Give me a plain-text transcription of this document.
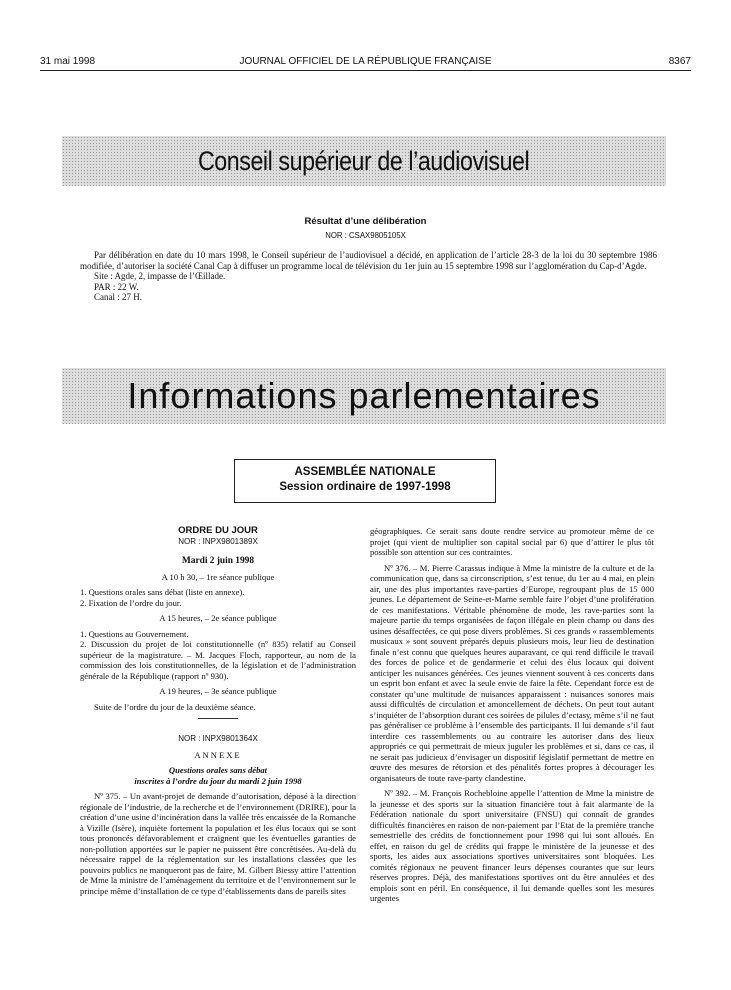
31 mai 1998	JOURNAL OFFICIEL DE LA RÉPUBLIQUE FRANÇAISE	8367
Conseil supérieur de l’audiovisuel
Résultat d’une délibération
NOR : CSAX9805105X

Par délibération en date du 10 mars 1998, le Conseil supérieur de l’audiovisuel a décidé, en application de l’article 28-3 de la loi du 30 septembre 1986 modifiée, d’autoriser la société Canal Cap à diffuser un programme local de télévision du 1er juin au 15 septembre 1998 sur l’agglomération du Cap-d’Agde.

Site : Agde, 2, impasse de l’Œillade.

PAR : 22 W.

Canal : 27 H.

Informations parlementaires
ASSEMBLÉE NATIONALE
Session ordinaire de 1997-1998

ORDRE DU JOUR

NOR : INPX9801389X

Mardi 2 juin 1998

A 10 h 30, – 1re séance publique

1. Questions orales sans débat (liste en annexe).

2. Fixation de l’ordre du jour.

A 15 heures, – 2e séance publique

1. Questions au Gouvernement.

2. Discussion du projet de loi constitutionnelle (nº 835) relatif au Conseil supérieur de la magistrature. – M. Jacques Floch, rapporteur, au nom de la commission des lois constitutionnelles, de la législation et de l’administration générale de la République (rapport nº 930).

A 19 heures, – 3e séance publique

Suite de l’ordre du jour de la deuxième séance.

NOR : INPX9801364X

ANNEXE

Questions orales sans débat

inscrites à l’ordre du jour du mardi 2 juin 1998

Nº 375. – Un avant-projet de demande d’autorisation, déposé à la direction régionale de l’industrie, de la recherche et de l’environnement (DRIRE), pour la création d’une usine d’incinération dans la vallée très encaissée de la Romanche à Vizille (Isère), inquiète fortement la population et les élus locaux qui se sont tous prononcés défavorablement et craignent que les éventuelles garanties de non-pollution apportées sur le papier ne puissent être concrétisées. Au-delà du nécessaire rappel de la réglementation sur les installations classées que les pouvoirs publics ne manqueront pas de faire, M. Gilbert Biessy attire l’attention de Mme la ministre de l’aménagement du territoire et de l’environnement sur le principe même d’installation de ce type d’établissements dans de pareils sites

géographiques. Ce serait sans doute rendre service au promoteur même de ce projet (qui vient de multiplier son capital social par 6) que d’attirer le plus tôt possible son attention sur ces contraintes.

Nº 376. – M. Pierre Carassus indique à Mme la ministre de la culture et de la communication que, dans sa circonscription, s’est tenue, du 1er au 4 mai, en plein air, une des plus importantes rave-parties d’Europe, regroupant plus de 15 000 jeunes. Le département de Seine-et-Marne semble faire l’objet d’une prolifération de ces manifestations. Véritable phénomène de mode, les rave-parties sont la majeure partie du temps organisées de façon illégale en plein champ ou dans des usines désaffectées, ce qui pose divers problèmes. Si ces grands « rassemblements musicaux » sont souvent préparés depuis plusieurs mois, leur lieu de destination finale n’est connu que quelques heures auparavant, ce qui rend difficile le travail des forces de police et de gendarmerie et celui des élus locaux qui doivent anticiper les nuisances générées. Ces jeunes viennent souvent à ces concerts dans un esprit bon enfant et avec la seule envie de faire la fête. Cependant force est de constater qu’une multitude de nuisances apparaissent : nuisances sonores mais aussi difficultés de circulation et amoncellement de déchets. On peut tout autant s’inquiéter de l’absorption durant ces soirées de pilules d’ectasy, même s’il ne faut pas généraliser ce problème à l’ensemble des participants. Il lui demande s’il faut interdire ces rassemblements ou au contraire les autoriser dans des lieux appropriés ce qui permettrait de mieux juguler les problèmes et si, dans ce cas, il ne serait pas judicieux d’envisager un dispositif législatif permettant de mettre en œuvre des mesures de rétorsion et des pénalités fortes propres à décourager les organisateurs de toute rave-party clandestine.

Nº 392. – M. François Rochebloine appelle l’attention de Mme la ministre de la jeunesse et des sports sur la situation financière tout à fait alarmante de la Fédération nationale du sport universitaire (FNSU) qui connaît de grandes difficultés financières en raison de non-paiement par l’Etat de la première tranche semestrielle des crédits de fonctionnement pour 1998 qui lui sont alloués. En effet, en raison du gel de crédits qui frappe le ministère de la jeunesse et des sports, les aides aux associations sportives universitaires sont bloquées. Les comités régionaux ne peuvent financer leurs dépenses courantes que sur leurs réserves propres. Déjà, des manifestations sportives ont du être annulées et des emplois sont en péril. En conséquence, il lui demande quelles sont les mesures urgentes
